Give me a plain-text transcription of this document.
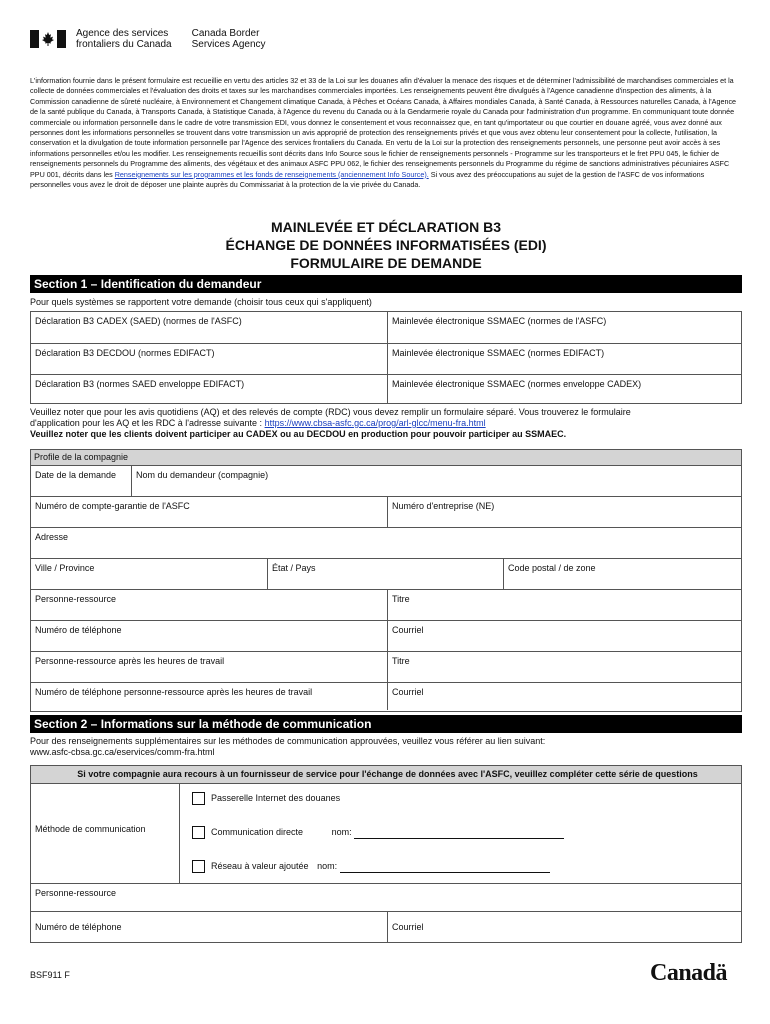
Agence des services
frontaliers du Canada
Canada Border
Services Agency
L'information fournie dans le présent formulaire est recueillie en vertu des articles 32 et 33 de la Loi sur les douanes afin d'évaluer la menace des risques et de déterminer l'admissibilité de marchandises commerciales et la collecte de données commerciales et l'évaluation des droits et taxes sur les marchandises commerciales importées. Les renseignements peuvent être divulgués à l'Agence canadienne d'inspection des aliments, à la Commission canadienne de sûreté nucléaire, à Environnement et Changement climatique Canada, à Pêches et Océans Canada, à Affaires mondiales Canada, à Santé Canada, à Ressources naturelles Canada, à l'Agence de la santé publique du Canada, à Transports Canada, à Statistique Canada, à l'Agence du revenu du Canada ou à la Gendarmerie royale du Canada pour l'administration d'un programme. En communiquant toute donnée commerciale ou information personnelle dans le cadre de votre transmission EDI, vous donnez le consentement et vous reconnaissez que, en tant qu'importateur ou que courtier en douane agréé, vous avez donné aux personnes dont les informations personnelles se trouvent dans votre transmission un avis approprié de protection des renseignements privés et que vous avez obtenu leur consentement pour la collecte, l'utilisation, la conservation et la divulgation de toute information personnelle par l'Agence des services frontaliers du Canada. En vertu de la Loi sur la protection des renseignements personnels, une personne peut avoir accès à ses informations personnelles et/ou les modifier. Les renseignements recueillis sont décrits dans Info Source sous le fichier de renseignements personnels - Programme sur les transporteurs et le fret PPU 045, le fichier de renseignements personnels du Programme des aliments, des végétaux et des animaux ASFC PPU 062, le fichier des renseignements personnels du Programme du régime de sanctions administratives pécuniaires ASFC PPU 001, décrits dans les Renseignements sur les programmes et les fonds de renseignements (anciennement Info Source). Si vous avez des préoccupations au sujet de la gestion de l'ASFC de vos informations personnelles vous avez le droit de déposer une plainte auprès du Commissariat à la protection de la vie privée du Canada.
MAINLEVÉE ET DÉCLARATION B3
ÉCHANGE DE DONNÉES INFORMATISÉES (EDI)
FORMULAIRE DE DEMANDE
Section 1 – Identification du demandeur
Pour quels systèmes se rapportent votre demande (choisir tous ceux qui s'appliquent)
Déclaration B3 CADEX (SAED) (normes de l'ASFC)	Mainlevée électronique SSMAEC (normes de l'ASFC)
Déclaration B3 DECDOU (normes EDIFACT)	Mainlevée électronique SSMAEC (normes EDIFACT)
Déclaration B3 (normes SAED enveloppe EDIFACT)	Mainlevée électronique SSMAEC (normes enveloppe CADEX)
Veuillez noter que pour les avis quotidiens (AQ) et des relevés de compte (RDC) vous devez remplir un formulaire séparé. Vous trouverez le formulaire
d'application pour les AQ et les RDC à l'adresse suivante : https://www.cbsa-asfc.gc.ca/prog/arl-glcc/menu-fra.html
Veuillez noter que les clients doivent participer au CADEX ou au DECDOU en production pour pouvoir participer au SSMAEC.
Profile de la compagnie
Date de la demande	Nom du demandeur (compagnie)
Numéro de compte-garantie de l'ASFC	Numéro d'entreprise (NE)
Adresse
Ville / Province	État / Pays	Code postal / de zone
Personne-ressource	Titre
Numéro de téléphone	Courriel
Personne-ressource après les heures de travail	Titre
Numéro de téléphone personne-ressource après les heures de travail	Courriel
Section 2 – Informations sur la méthode de communication
Pour des renseignements supplémentaires sur les méthodes de communication approuvées, veuillez vous référer au lien suivant:
www.asfc-cbsa.gc.ca/eservices/comm-fra.html
Si votre compagnie aura recours à un fournisseur de service pour l'échange de données avec l'ASFC, veuillez compléter cette série de questions
Méthode de communication
Passerelle Internet des douanes
Communication directe	nom:
Réseau à valeur ajoutée nom:
Personne-ressource
Numéro de téléphone	Courriel
BSF911 F	Canadä
